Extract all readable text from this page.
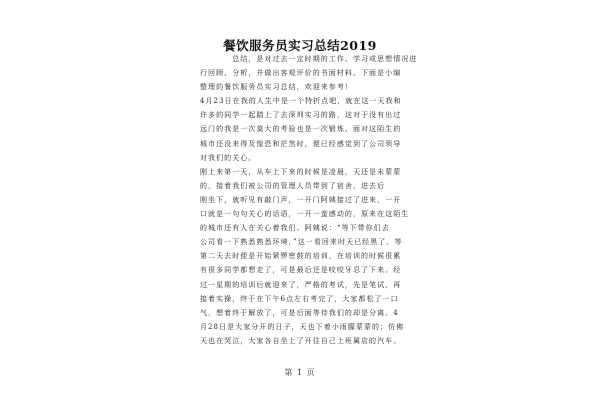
餐饮服务员实习总结2019
　　　　总结，是对过去一定时期的工作、学习或思想情况进
行回顾、分析，并做出客观评价的书面材料。下面是小编
整理的餐饮服务员实习总结，欢迎来参考！
4月23日在我的人生中是一个特折点吧，就在这一天我和
许多的同学一起踏上了去深圳实习的路，这对于没有出过
远门的我是一次莫大的考验也是一次锻炼。面对这陌生的
城市还没来得及惶恐和茫然时，便已经感觉到了公司领导
对我们的关心。
刚上来第一天，从车上下来的时候是凌晨，天还是未蒙蒙
的，接着我们被公司的管理人员带到了宿舍，进去后
刚坐下，就听见有敲门声，一开门阿姨接过了进来，一开
口就是一句句关心的话语，一开一蛮感动的，原来在这陌生
的城市还有人在关心着我们。阿姨说：“等下带你们去
公司看一下熟悉熟悉环境，”这一看回来时天已经黑了。等
第二天去时便是开始紧锣密鼓的培训，在培训的时候很累
有很多同学都想走了，可是最后还是咬咬牙忍了下来。经
过一星期的培训后就迎来了，严格的考试，先是笔试，再
接着实操，终于在下午6点左右考完了，大家都松了一口
气，想着终于解放了，可是后面等待我们的却是分离。4
月28日是大家分开的日子，天也下着小雨朦蒙蒙的；仿佛
天也在哭泣，大家各自坐上了开往自己上班属店的汽车。
第 1 页
